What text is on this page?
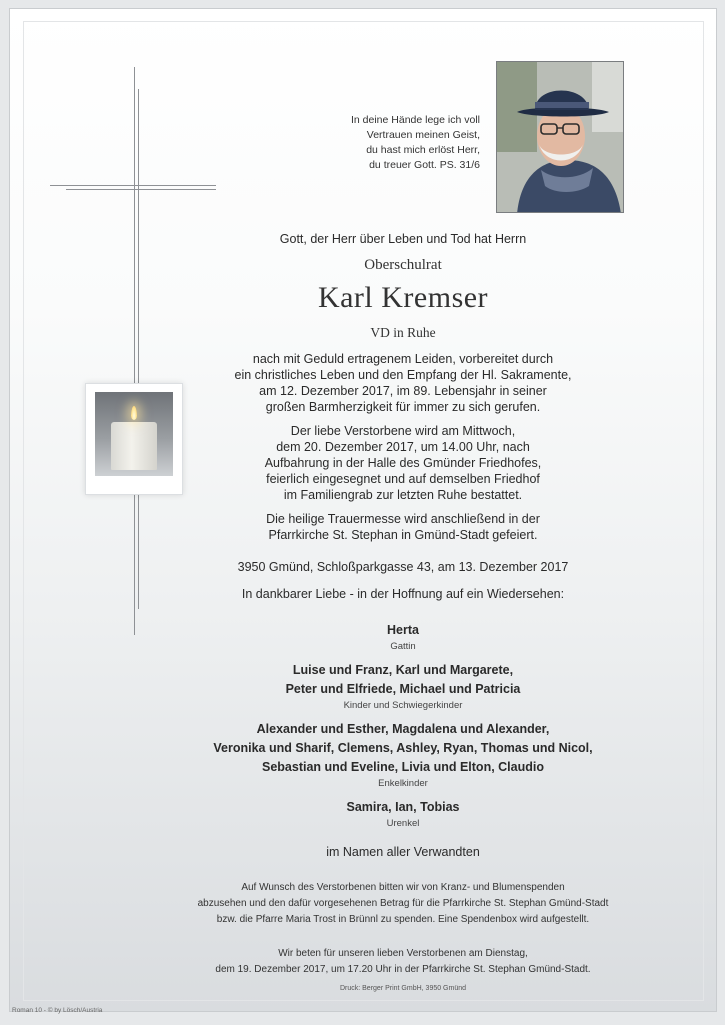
In deine Hände lege ich voll
Vertrauen meinen Geist,
du hast mich erlöst Herr,
du treuer Gott. PS. 31/6
Gott, der Herr über Leben und Tod hat Herrn
Oberschulrat
Karl Kremser
VD in Ruhe
nach mit Geduld ertragenem Leiden, vorbereitet durch
ein christliches Leben und den Empfang der Hl. Sakramente,
am 12. Dezember 2017, im 89. Lebensjahr in seiner
großen Barmherzigkeit für immer zu sich gerufen.
Der liebe Verstorbene wird am Mittwoch,
dem 20. Dezember 2017, um 14.00 Uhr, nach
Aufbahrung in der Halle des Gmünder Friedhofes,
feierlich eingesegnet und auf demselben Friedhof
im Familiengrab zur letzten Ruhe bestattet.
Die heilige Trauermesse wird anschließend in der
Pfarrkirche St. Stephan in Gmünd-Stadt gefeiert.
3950 Gmünd, Schloßparkgasse 43, am 13. Dezember 2017
In dankbarer Liebe - in der Hoffnung auf ein Wiedersehen:
Herta
Gattin
Luise und Franz, Karl und Margarete,
Peter und Elfriede, Michael und Patricia
Kinder und Schwiegerkinder
Alexander und Esther, Magdalena und Alexander,
Veronika und Sharif, Clemens, Ashley, Ryan, Thomas und Nicol,
Sebastian und Eveline, Livia und Elton, Claudio
Enkelkinder
Samira, Ian, Tobias
Urenkel
im Namen aller Verwandten
Auf Wunsch des Verstorbenen bitten wir von Kranz- und Blumenspenden
abzusehen und den dafür vorgesehenen Betrag für die Pfarrkirche St. Stephan Gmünd-Stadt
bzw. die Pfarre Maria Trost in Brünnl zu spenden. Eine Spendenbox wird aufgestellt.
Wir beten für unseren lieben Verstorbenen am Dienstag,
dem 19. Dezember 2017, um 17.20 Uhr in der Pfarrkirche St. Stephan Gmünd-Stadt.
Druck: Berger Print GmbH, 3950 Gmünd
Roman 10 - © by Lösch/Austria
